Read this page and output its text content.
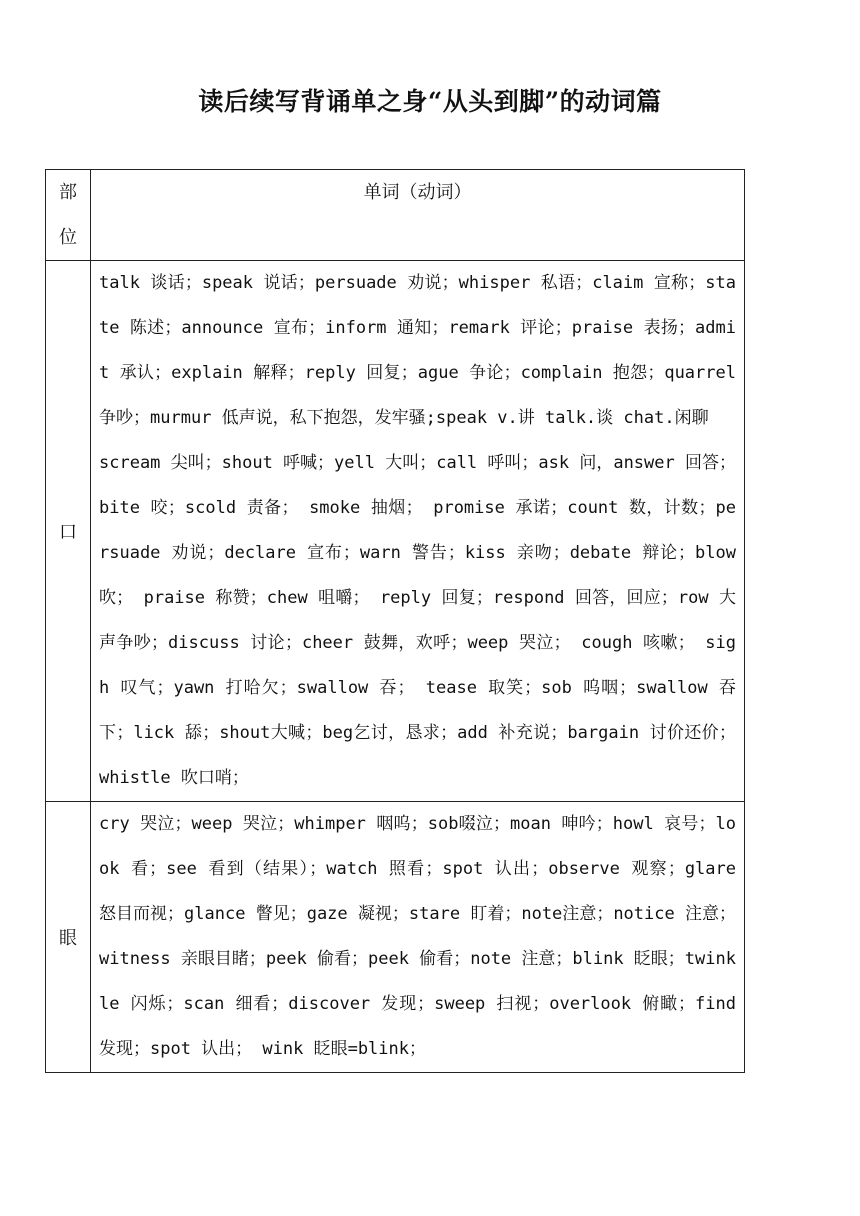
读后续写背诵单之身“从头到脚”的动词篇
部
位	单词（动词）
口	talk 谈话；speak 说话；persuade 劝说；whisper 私语；claim 宣称；state 陈述；announce 宣布；inform 通知；remark 评论；praise 表扬；admit 承认；explain 解释；reply 回复；ague 争论；complain 抱怨；quarrel 争吵；murmur 低声说，私下抱怨，发牢骚;speak v.讲 talk.谈 chat.闲聊

scream 尖叫；shout 呼喊；yell 大叫；call 呼叫；ask 问，answer 回答；bite 咬；scold 责备； smoke 抽烟； promise 承诺；count 数，计数；persuade 劝说；declare 宣布；warn 警告；kiss 亲吻；debate 辩论；blow吹； praise 称赞；chew 咀嚼； reply 回复；respond 回答，回应；row 大声争吵；discuss 讨论；cheer 鼓舞，欢呼；weep 哭泣； cough 咳嗽； sigh 叹气；yawn 打哈欠；swallow 吞； tease 取笑；sob 呜咽；swallow 吞下；lick 舔；shout大喊；beg乞讨，恳求；add 补充说；bargain 讨价还价；whistle 吹口哨；

眼	cry 哭泣；weep 哭泣；whimper 咽呜；sob啜泣；moan 呻吟；howl 哀号；look 看；see 看到（结果）；watch 照看；spot 认出；observe 观察；glare 怒目而视；glance 瞥见；gaze 凝视；stare 盯着；note注意；notice 注意；witness 亲眼目睹；peek 偷看；peek 偷看；note 注意；blink 眨眼；twinkle 闪烁；scan 细看；discover 发现；sweep 扫视；overlook 俯瞰；find 发现；spot 认出； wink 眨眼=blink；
